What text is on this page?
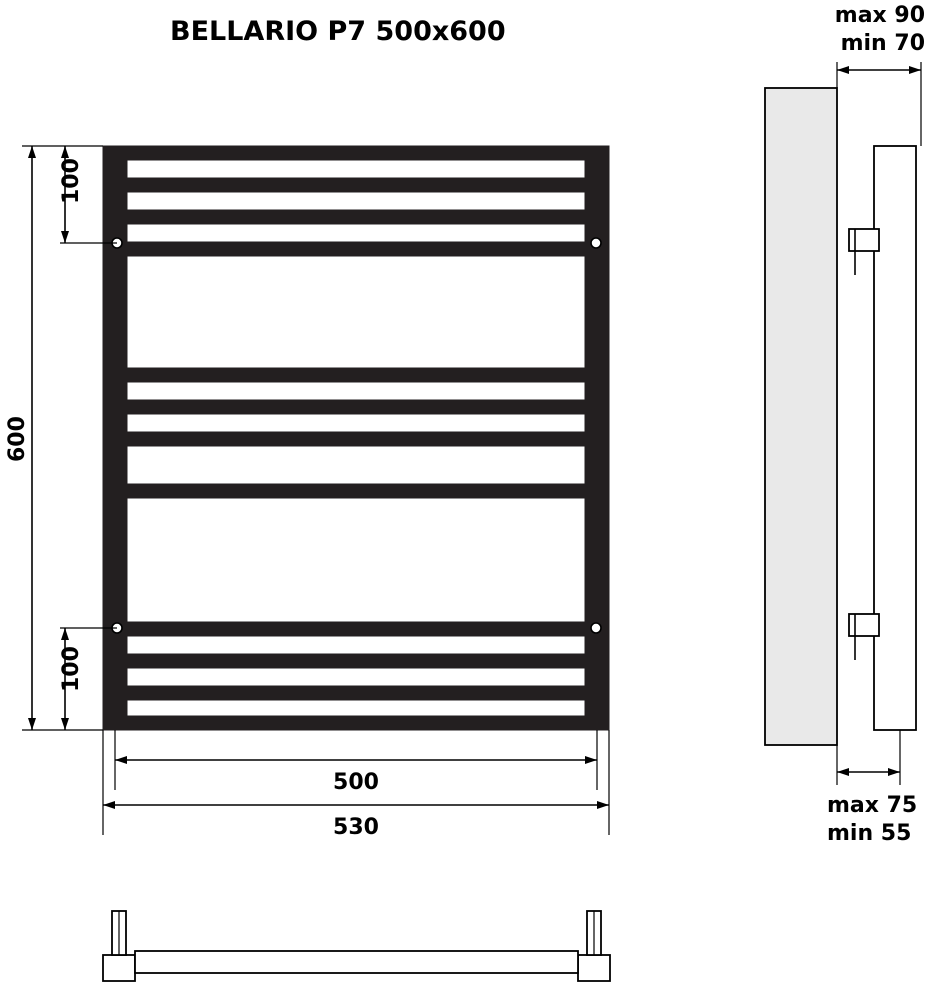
BELLARIO Р7 500x600
100
600
100
500
530
max 90
min 70
max 75
min 55
